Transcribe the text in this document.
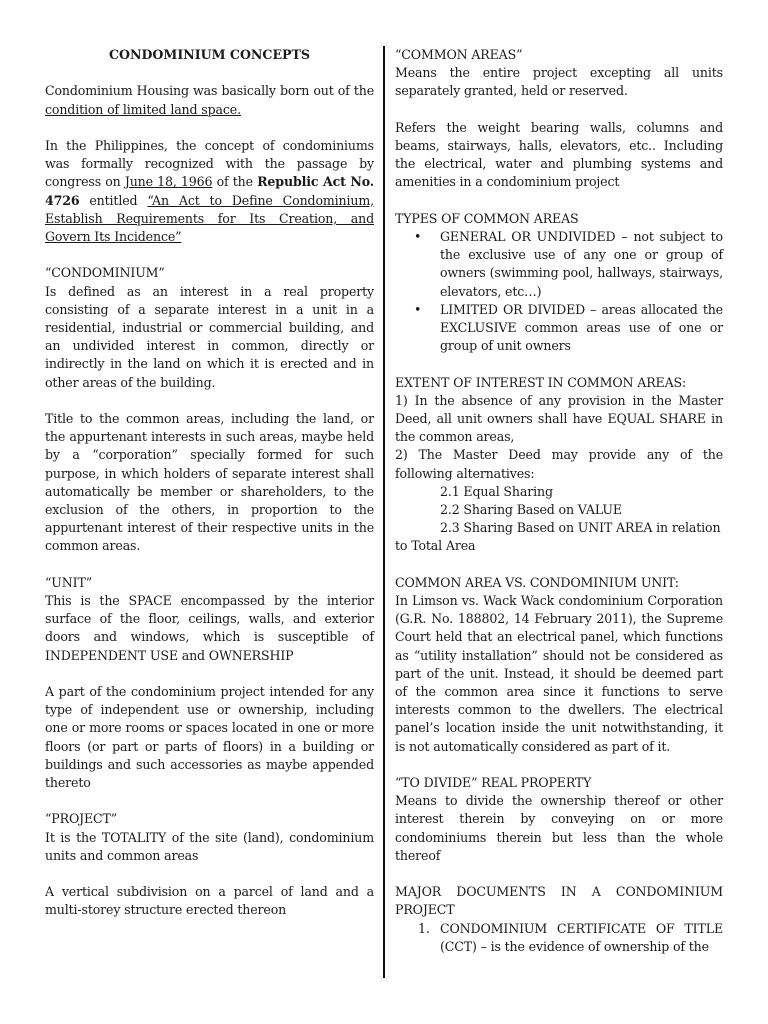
CONDOMINIUM CONCEPTS

Condominium Housing was basically born out of the condition of limited land space.

In the Philippines, the concept of condominiums was formally recognized with the passage by congress on June 18, 1966 of the Republic Act No. 4726 entitled “An Act to Define Condominium, Establish Requirements for Its Creation, and Govern Its Incidence”

“CONDOMINIUM”

Is defined as an interest in a real property consisting of a separate interest in a unit in a residential, industrial or commercial building, and an undivided interest in common, directly or indirectly in the land on which it is erected and in other areas of the building.

Title to the common areas, including the land, or the appurtenant interests in such areas, maybe held by a “corporation” specially formed for such purpose, in which holders of separate interest shall automatically be member or shareholders, to the exclusion of the others, in proportion to the appurtenant interest of their respective units in the common areas.

“UNIT”

This is the SPACE encompassed by the interior surface of the floor, ceilings, walls, and exterior doors and windows, which is susceptible of INDEPENDENT USE and OWNERSHIP

A part of the condominium project intended for any type of independent use or ownership, including one or more rooms or spaces located in one or more floors (or part or parts of floors) in a building or buildings and such accessories as maybe appended thereto

“PROJECT”

It is the TOTALITY of the site (land), condominium units and common areas

A vertical subdivision on a parcel of land and a multi-storey structure erected thereon

“COMMON AREAS”

Means the entire project excepting all units separately granted, held or reserved.

Refers the weight bearing walls, columns and beams, stairways, halls, elevators, etc.. Including the electrical, water and plumbing systems and amenities in a condominium project

TYPES OF COMMON AREAS

• GENERAL OR UNDIVIDED – not subject to the exclusive use of any one or group of owners (swimming pool, hallways, stairways, elevators, etc…)
• LIMITED OR DIVIDED – areas allocated the EXCLUSIVE common areas use of one or group of unit owners

EXTENT OF INTEREST IN COMMON AREAS:

1) In the absence of any provision in the Master Deed, all unit owners shall have EQUAL SHARE in the common areas,

2) The Master Deed may provide any of the following alternatives:

2.1 Equal Sharing

2.2 Sharing Based on VALUE

2.3 Sharing Based on UNIT AREA in relation

to Total Area

COMMON AREA VS. CONDOMINIUM UNIT:

In Limson vs. Wack Wack condominium Corporation (G.R. No. 188802, 14 February 2011), the Supreme Court held that an electrical panel, which functions as “utility installation” should not be considered as part of the unit. Instead, it should be deemed part of the common area since it functions to serve interests common to the dwellers. The electrical panel’s location inside the unit notwithstanding, it is not automatically considered as part of it.

“TO DIVIDE” REAL PROPERTY

Means to divide the ownership thereof or other interest therein by conveying on or more condominiums therein but less than the whole thereof

MAJOR DOCUMENTS IN A CONDOMINIUM PROJECT

1. CONDOMINIUM CERTIFICATE OF TITLE (CCT) – is the evidence of ownership of the
